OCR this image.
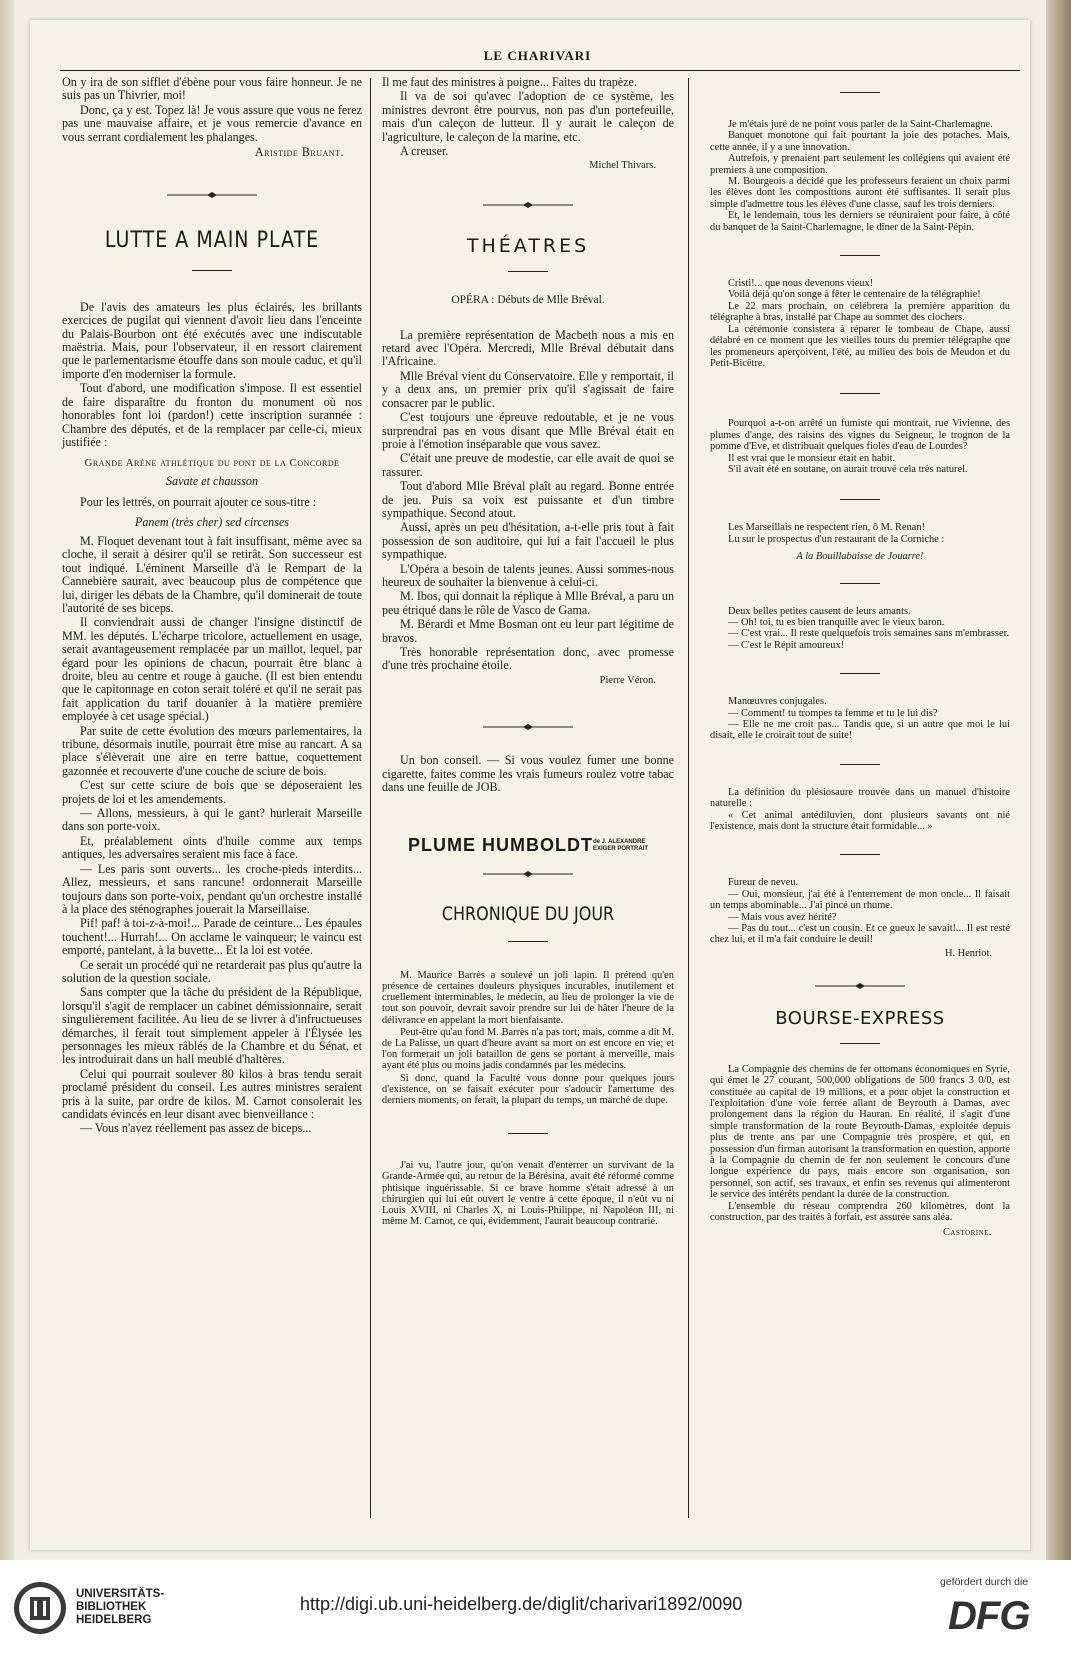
LE CHARIVARI

On y ira de son sifflet d'ébène pour vous faire honneur. Je ne suis pas un Thivrier, moi!

Donc, ça y est. Topez là! Je vous assure que vous ne ferez pas une mauvaise affaire, et je vous remercie d'avance en vous serrant cordialement les phalanges.

Aristide Bruant.

LUTTE A MAIN PLATE

De l'avis des amateurs les plus éclairés, les brillants exercices de pugilat qui viennent d'avoir lieu dans l'enceinte du Palais-Bourbon ont été exécutés avec une indiscutable maëstria. Mais, pour l'observateur, il en ressort clairement que le parlementarisme étouffe dans son moule caduc, et qu'il importe d'en moderniser la formule.

Tout d'abord, une modification s'impose. Il est essentiel de faire disparaître du fronton du monument où nos honorables font loi (pardon!) cette inscription surannée : Chambre des députés, et de la remplacer par celle-ci, mieux justifiée :

Grande Arène athlétique du pont de la Concorde

Savate et chausson

Pour les lettrés, on pourrait ajouter ce sous-titre :

Panem (très cher) sed circenses

M. Floquet devenant tout à fait insuffisant, même avec sa cloche, il serait à désirer qu'il se retirât. Son successeur est tout indiqué. L'éminent Marseille d'à le Rempart de la Cannebière saurait, avec beaucoup plus de compétence que lui, diriger les débats de la Chambre, qu'il dominerait de toute l'autorité de ses biceps.

Il conviendrait aussi de changer l'insigne distinctif de MM. les députés. L'écharpe tricolore, actuellement en usage, serait avantageusement remplacée par un maillot, lequel, par égard pour les opinions de chacun, pourrait être blanc à droite, bleu au centre et rouge à gauche. (Il est bien entendu que le capitonnage en coton serait toléré et qu'il ne serait pas fait application du tarif douanier à la matière première employée à cet usage spécial.)

Par suite de cette évolution des mœurs parlementaires, la tribune, désormais inutile, pourrait être mise au rancart. A sa place s'élèverait une aire en terre battue, coquettement gazonnée et recouverte d'une couche de sciure de bois.

C'est sur cette sciure de bois que se déposeraient les projets de loi et les amendements.

— Allons, messieurs, à qui le gant? hurlerait Marseille dans son porte-voix.

Et, préalablement oints d'huile comme aux temps antiques, les adversaires seraient mis face à face.

— Les paris sont ouverts... les croche-pieds interdits... Allez, messieurs, et sans rancune! ordonnerait Marseille toujours dans son porte-voix, pendant qu'un orchestre installé à la place des sténographes jouerait la Marseillaise.

Pif! paf! à toi-z-à-moi!... Parade de ceinture... Les épaules touchent!... Hurrah!... On acclame le vainqueur; le vaincu est emporté, pantelant, à la buvette... Et la loi est votée.

Ce serait un procédé qui ne retarderait pas plus qu'autre la solution de la question sociale.

Sans compter que la tâche du président de la République, lorsqu'il s'agit de remplacer un cabinet démissionnaire, serait singulièrement facilitée. Au lieu de se livrer à d'infructueuses démarches, il ferait tout simplement appeler à l'Élysée les personnages les mieux râblés de la Chambre et du Sénat, et les introduirait dans un hall meublé d'haltères.

Celui qui pourrait soulever 80 kilos à bras tendu serait proclamé président du conseil. Les autres ministres seraient pris à la suite, par ordre de kilos. M. Carnot consolerait les candidats évincés en leur disant avec bienveillance :

— Vous n'avez réellement pas assez de biceps...

Il me faut des ministres à poigne... Faites du trapèze.

Il va de soi qu'avec l'adoption de ce système, les ministres devront être pourvus, non pas d'un portefeuille, mais d'un caleçon de lutteur. Il y aurait le caleçon de l'agriculture, le caleçon de la marine, etc.

A creuser.

Michel Thivars.

THÉATRES

OPÉRA : Débuts de Mlle Bréval.

La première représentation de Macbeth nous a mis en retard avec l'Opéra. Mercredi, Mlle Bréval débutait dans l'Africaine.

Mlle Bréval vient du Conservatoire. Elle y remportait, il y a deux ans, un premier prix qu'il s'agissait de faire consacrer par le public.

C'est toujours une épreuve redoutable, et je ne vous surprendrai pas en vous disant que Mlle Bréval était en proie à l'émotion inséparable que vous savez.

C'était une preuve de modestie, car elle avait de quoi se rassurer.

Tout d'abord Mlle Bréval plaît au regard. Bonne entrée de jeu. Puis sa voix est puissante et d'un timbre sympathique. Second atout.

Aussi, après un peu d'hésitation, a-t-elle pris tout à fait possession de son auditoire, qui lui a fait l'accueil le plus sympathique.

L'Opéra a besoin de talents jeunes. Aussi sommes-nous heureux de souhaiter la bienvenue à celui-ci.

M. Ibos, qui donnait la réplique à Mlle Bréval, a paru un peu étriqué dans le rôle de Vasco de Gama.

M. Bérardi et Mme Bosman ont eu leur part légitime de bravos.

Très honorable représentation donc, avec promesse d'une très prochaine étoile.

Pierre Véron.

Un bon conseil. — Si vous voulez fumer une bonne cigarette, faites comme les vrais fumeurs roulez votre tabac dans une feuille de JOB.

PLUME HUMBOLDTde J. ALEXANDRE
EXIGER PORTRAIT
CHRONIQUE DU JOUR

M. Maurice Barrès a soulevé un joli lapin. Il prétend qu'en présence de certaines douleurs physiques incurables, inutilement et cruellement interminables, le médecin, au lieu de prolonger la vie de tout son pouvoir, devrait savoir prendre sur lui de hâter l'heure de la délivrance en appelant la mort bienfaisante.

Peut-être qu'au fond M. Barrès n'a pas tort; mais, comme a dit M. de La Palisse, un quart d'heure avant sa mort on est encore en vie; et l'on formerait un joli bataillon de gens se portant à merveille, mais ayant été plus ou moins jadis condamnés par les médecins.

Si donc, quand la Faculté vous donne pour quelques jours d'existence, on se faisait exécuter pour s'adoucir l'amertume des derniers moments, on ferait, la plupart du temps, un marché de dupe.

J'ai vu, l'autre jour, qu'on venait d'enterrer un survivant de la Grande-Armée qui, au retour de la Bérésina, avait été réformé comme phtisique inguérissable. Si ce brave homme s'était adressé à un chirurgien qui lui eût ouvert le ventre à cette époque, il n'eût vu ni Louis XVIII, ni Charles X, ni Louis-Philippe, ni Napoléon III, ni même M. Carnot, ce qui, évidemment, l'aurait beaucoup contrarié.

Je m'étais juré de ne point vous parler de la Saint-Charlemagne.

Banquet monotone qui fait pourtant la joie des potaches. Mais, cette année, il y a une innovation.

Autrefois, y prenaient part seulement les collégiens qui avaient été premiers à une composition.

M. Bourgeois a décidé que les professeurs feraient un choix parmi les élèves dont les compositions auront été suffisantes. Il serait plus simple d'admettre tous les élèves d'une classe, sauf les trois derniers.

Et, le lendemain, tous les derniers se réuniraient pour faire, à côté du banquet de la Saint-Charlemagne, le dîner de la Saint-Pépin.

Cristi!... que nous devenons vieux!

Voilà déjà qu'on songe à fêter le centenaire de la télégraphie!

Le 22 mars prochain, on célébrera la première apparition du télégraphe à bras, installé par Chape au sommet des clochers.

La cérémonie consistera à réparer le tombeau de Chape, aussi délabré en ce moment que les vieilles tours du premier télégraphe que les promeneurs aperçoivent, l'été, au milieu des bois de Meudon et du Petit-Bicêtre.

Pourquoi a-t-on arrêté un fumiste qui montrait, rue Vivienne, des plumes d'ange, des raisins des vignes du Seigneur, le trognon de la pomme d'Eve, et distribuait quelques fioles d'eau de Lourdes?

Il est vrai que le monsieur était en habit.

S'il avait été en soutane, on aurait trouvé cela très naturel.

Les Marseillais ne respectent rien, ô M. Renan!

Lu sur le prospectus d'un restaurant de la Corniche :

A la Bouillabaisse de Jouarre!

Deux belles petites causent de leurs amants.

— Oh! toi, tu es bien tranquille avec le vieux baron.

— C'est vrai... Il reste quelquefois trois semaines sans m'embrasser.

— C'est le Répit amoureux!

Manœuvres conjugales.

— Comment! tu trompes ta femme et tu le lui dis?

— Elle ne me croit pas... Tandis que, si un autre que moi le lui disait, elle le croirait tout de suite!

La définition du plésiosaure trouvée dans un manuel d'histoire naturelle :

« Cet animal antédiluvien, dont plusieurs savants ont nié l'existence, mais dont la structure était formidable... »

Fureur de neveu.

— Oui, monsieur, j'ai été à l'enterrement de mon oncle... Il faisait un temps abominable... J'ai pincé un rhume.

— Mais vous avez hérité?

— Pas du tout... c'est un cousin. Et ce gueux le savait!... Il est resté chez lui, et il m'a fait conduire le deuil!

H. Henriot.

BOURSE-EXPRESS

La Compagnie des chemins de fer ottomans économiques en Syrie, qui émet le 27 courant, 500,000 obligations de 500 francs 3 0/0, est constituée au capital de 19 millions, et a pour objet la construction et l'exploitation d'une voie ferrée allant de Beyrouth à Damas, avec prolongement dans la région du Hauran. En réalité, il s'agit d'une simple transformation de la route Beyrouth-Damas, exploitée depuis plus de trente ans par une Compagnie très prospère, et qui, en possession d'un firman autorisant la transformation en question, apporte à la Compagnie du chemin de fer non seulement le concours d'une longue expérience du pays, mais encore son organisation, son personnel, son actif, ses travaux, et enfin ses revenus qui alimenteront le service des intérêts pendant la durée de la construction.

L'ensemble du réseau comprendra 260 kilomètres, dont la construction, par des traités à forfait, est assurée sans aléa.

Castorine.

UNIVERSITÄTS-
BIBLIOTHEK
HEIDELBERG
http://digi.ub.uni-heidelberg.de/diglit/charivari1892/0090
gefördert durch die
DFG
